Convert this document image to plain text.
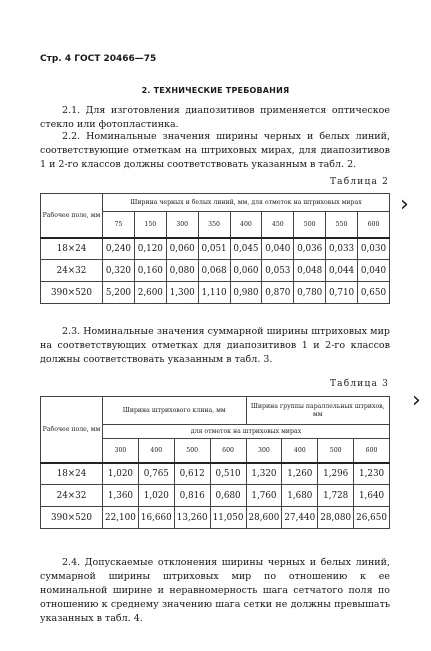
Стр. 4 ГОСТ 20466—75
2. ТЕХНИЧЕСКИЕ ТРЕБОВАНИЯ
2.1. Для изготовления диапозитивов применяется оптическое стекло или фотопластинка.
2.2. Номинальные значения ширины черных и белых линий, соответствующие отметкам на штриховых мирах, для диапозитивов 1 и 2-го классов должны соответствовать указанным в табл. 2.
Таблица 2
›
Рабочее поле, мм	Ширина черных и белых линий, мм, для отметок на штриховых мирах								
	75	150	300	350	400	450	500	550	600
18×24	0,240	0,120	0,060	0,051	0,045	0,040	0,036	0,033	0,030
24×32	0,320	0,160	0,080	0,068	0,060	0,053	0,048	0,044	0,040
390×520	5,200	2,600	1,300	1,110	0,980	0,870	0,780	0,710	0,650
2.3. Номинальные значения суммарной ширины штриховых мир на соответствующих отметках для диапозитивов 1 и 2-го классов должны соответствовать указанным в табл. 3.
Таблица 3
›
Рабочее поле, мм	Ширина штрихового клина, мм				Ширина группы параллельных штрихов, мм			
	для отметок на штриховых мирах							
	300	400	500	600	300	400	500	600
18×24	1,020	0,765	0,612	0,510	1,320	1,260	1,296	1,230
24×32	1,360	1,020	0,816	0,680	1,760	1,680	1,728	1,640
390×520	22,100	16,660	13,260	11,050	28,600	27,440	28,080	26,650
2.4. Допускаемые отклонения ширины черных и белых линий, суммарной ширины штриховых мир по отношению к ее номинальной ширине и неравномерность шага сетчатого поля по отношению к среднему значению шага сетки не должны превышать указанных в табл. 4.
